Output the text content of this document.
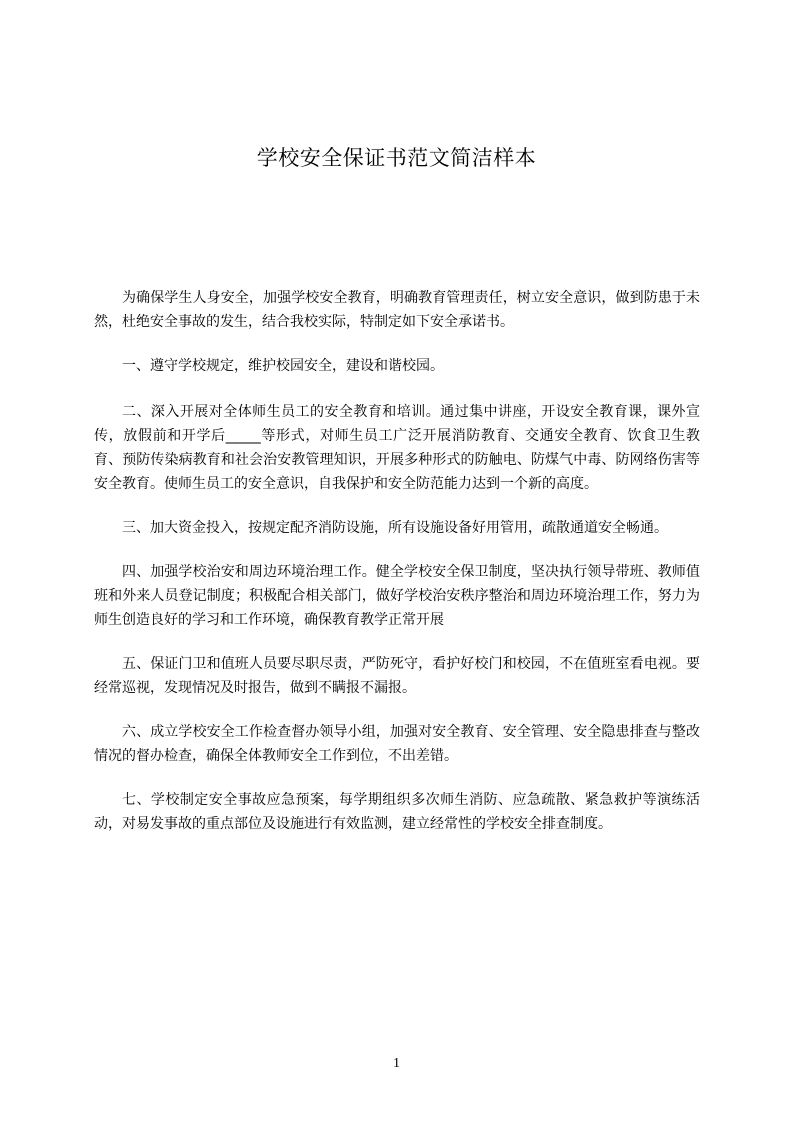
学校安全保证书范文简洁样本

为确保学生人身安全，加强学校安全教育，明确教育管理责任，树立安全意识，做到防患于未然，杜绝安全事故的发生，结合我校实际，特制定如下安全承诺书。

一、遵守学校规定，维护校园安全，建设和谐校园。

二、深入开展对全体师生员工的安全教育和培训。通过集中讲座，开设安全教育课，课外宣传，放假前和开学后_____等形式，对师生员工广泛开展消防教育、交通安全教育、饮食卫生教育、预防传染病教育和社会治安教管理知识，开展多种形式的防触电、防煤气中毒、防网络伤害等安全教育。使师生员工的安全意识，自我保护和安全防范能力达到一个新的高度。

三、加大资金投入，按规定配齐消防设施，所有设施设备好用管用，疏散通道安全畅通。

四、加强学校治安和周边环境治理工作。健全学校安全保卫制度，坚决执行领导带班、教师值班和外来人员登记制度；积极配合相关部门，做好学校治安秩序整治和周边环境治理工作，努力为师生创造良好的学习和工作环境，确保教育教学正常开展

五、保证门卫和值班人员要尽职尽责，严防死守，看护好校门和校园，不在值班室看电视。要经常巡视，发现情况及时报告，做到不瞒报不漏报。

六、成立学校安全工作检查督办领导小组，加强对安全教育、安全管理、安全隐患排查与整改情况的督办检查，确保全体教师安全工作到位，不出差错。

七、学校制定安全事故应急预案，每学期组织多次师生消防、应急疏散、紧急救护等演练活动，对易发事故的重点部位及设施进行有效监测，建立经常性的学校安全排查制度。

1
